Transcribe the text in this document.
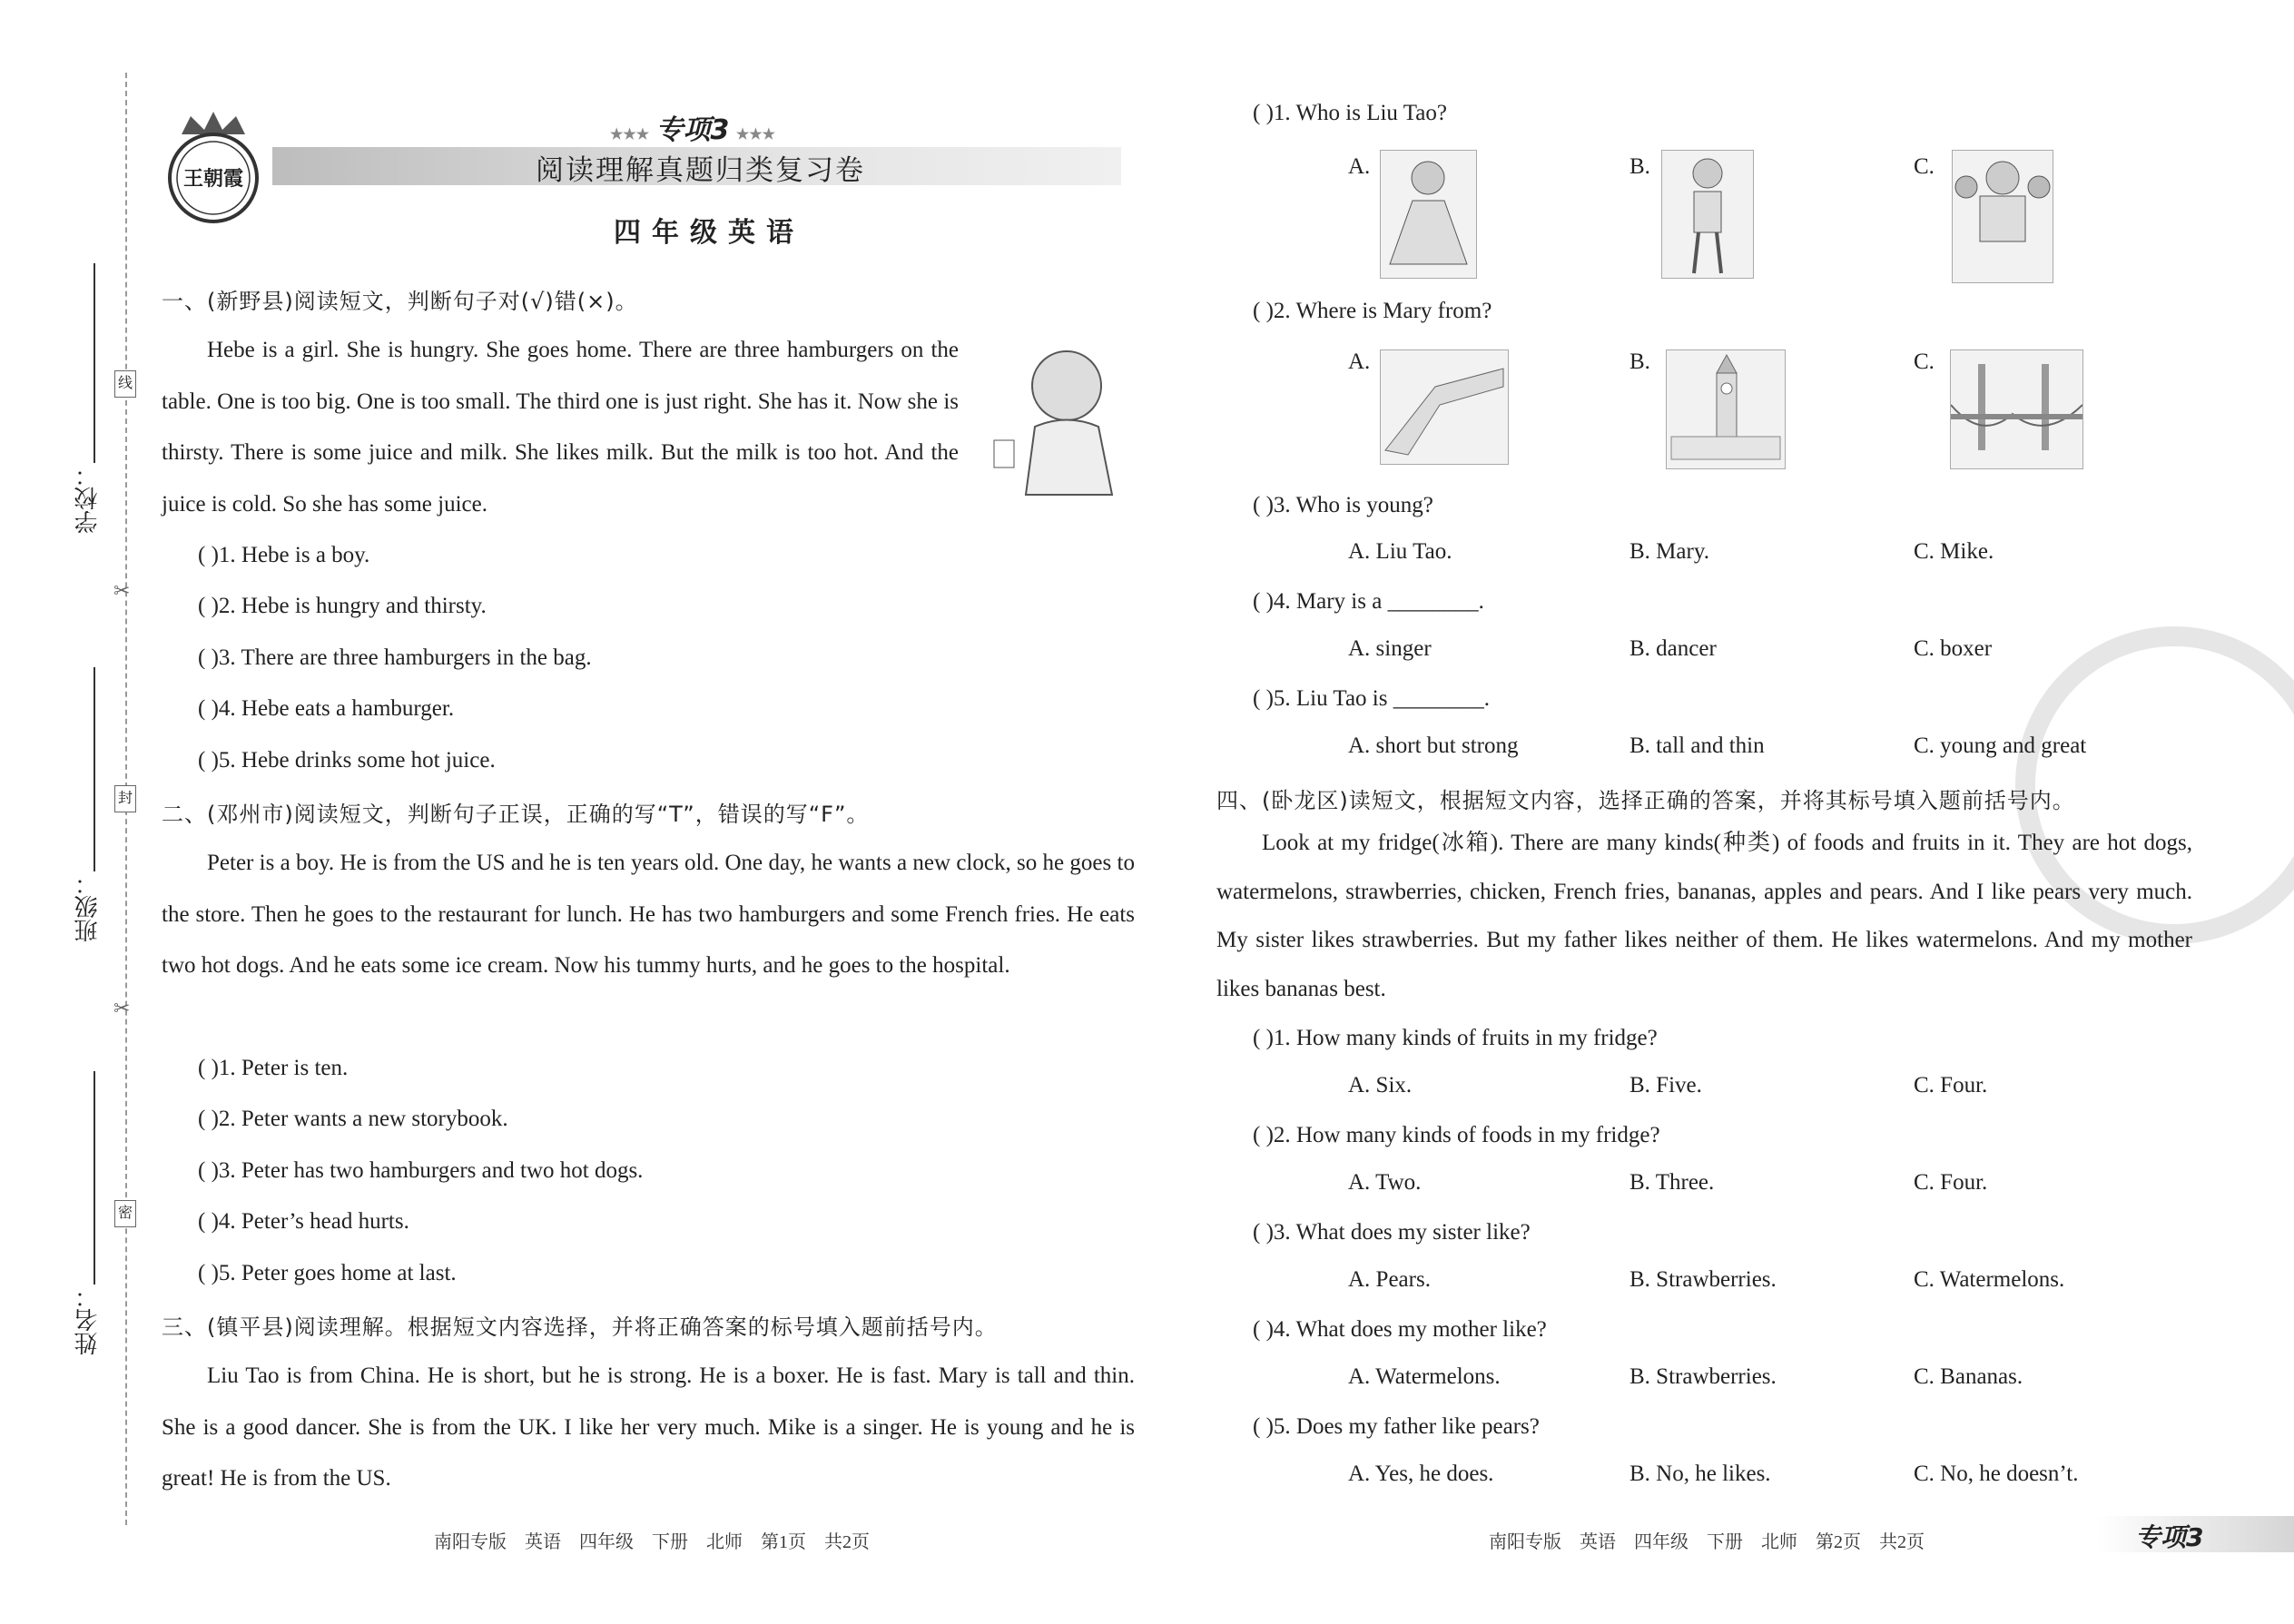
学校：
班级：
姓名：
线
封
密
✂
✂
王朝霞
★★★ 专项3 ★★★
阅读理解真题归类复习卷
四年级英语
一、(新野县)阅读短文，判断句子对(√)错(×)。
Hebe is a girl. She is hungry. She goes home. There are three hamburgers on the table. One is too big. One is too small. The third one is just right. She has it. Now she is thirsty. There is some juice and milk. She likes milk. But the milk is too hot. And the juice is cold. So she has some juice.
( )1. Hebe is a boy.
( )2. Hebe is hungry and thirsty.
( )3. There are three hamburgers in the bag.
( )4. Hebe eats a hamburger.
( )5. Hebe drinks some hot juice.
二、(邓州市)阅读短文，判断句子正误，正确的写“T”，错误的写“F”。
Peter is a boy. He is from the US and he is ten years old. One day, he wants a new clock, so he goes to the store. Then he goes to the restaurant for lunch. He has two hamburgers and some French fries. He eats two hot dogs. And he eats some ice cream. Now his tummy hurts, and he goes to the hospital.
( )1. Peter is ten.
( )2. Peter wants a new storybook.
( )3. Peter has two hamburgers and two hot dogs.
( )4. Peter’s head hurts.
( )5. Peter goes home at last.
三、(镇平县)阅读理解。根据短文内容选择，并将正确答案的标号填入题前括号内。
Liu Tao is from China. He is short, but he is strong. He is a boxer. He is fast. Mary is tall and thin. She is a good dancer. She is from the UK. I like her very much. Mike is a singer. He is young and he is great! He is from the US.
南阳专版　英语　四年级　下册　北师　第1页　共2页
( )1. Who is Liu Tao?
A.	B.	C.
( )2. Where is Mary from?
A.	B.	C.
( )3. Who is young?
A. Liu Tao.	B. Mary.	C. Mike.
( )4. Mary is a ________.
A. singer	B. dancer	C. boxer
( )5. Liu Tao is ________.
A. short but strong	B. tall and thin	C. young and great
四、(卧龙区)读短文，根据短文内容，选择正确的答案，并将其标号填入题前括号内。
Look at my fridge(冰箱). There are many kinds(种类) of foods and fruits in it. They are hot dogs, watermelons, strawberries, chicken, French fries, bananas, apples and pears. And I like pears very much. My sister likes strawberries. But my father likes neither of them. He likes watermelons. And my mother likes bananas best.
( )1. How many kinds of fruits in my fridge?
A. Six.	B. Five.	C. Four.
( )2. How many kinds of foods in my fridge?
A. Two.	B. Three.	C. Four.
( )3. What does my sister like?
A. Pears.	B. Strawberries.	C. Watermelons.
( )4. What does my mother like?
A. Watermelons.	B. Strawberries.	C. Bananas.
( )5. Does my father like pears?
A. Yes, he does.	B. No, he likes.	C. No, he doesn’t.
南阳专版　英语　四年级　下册　北师　第2页　共2页	专项3
